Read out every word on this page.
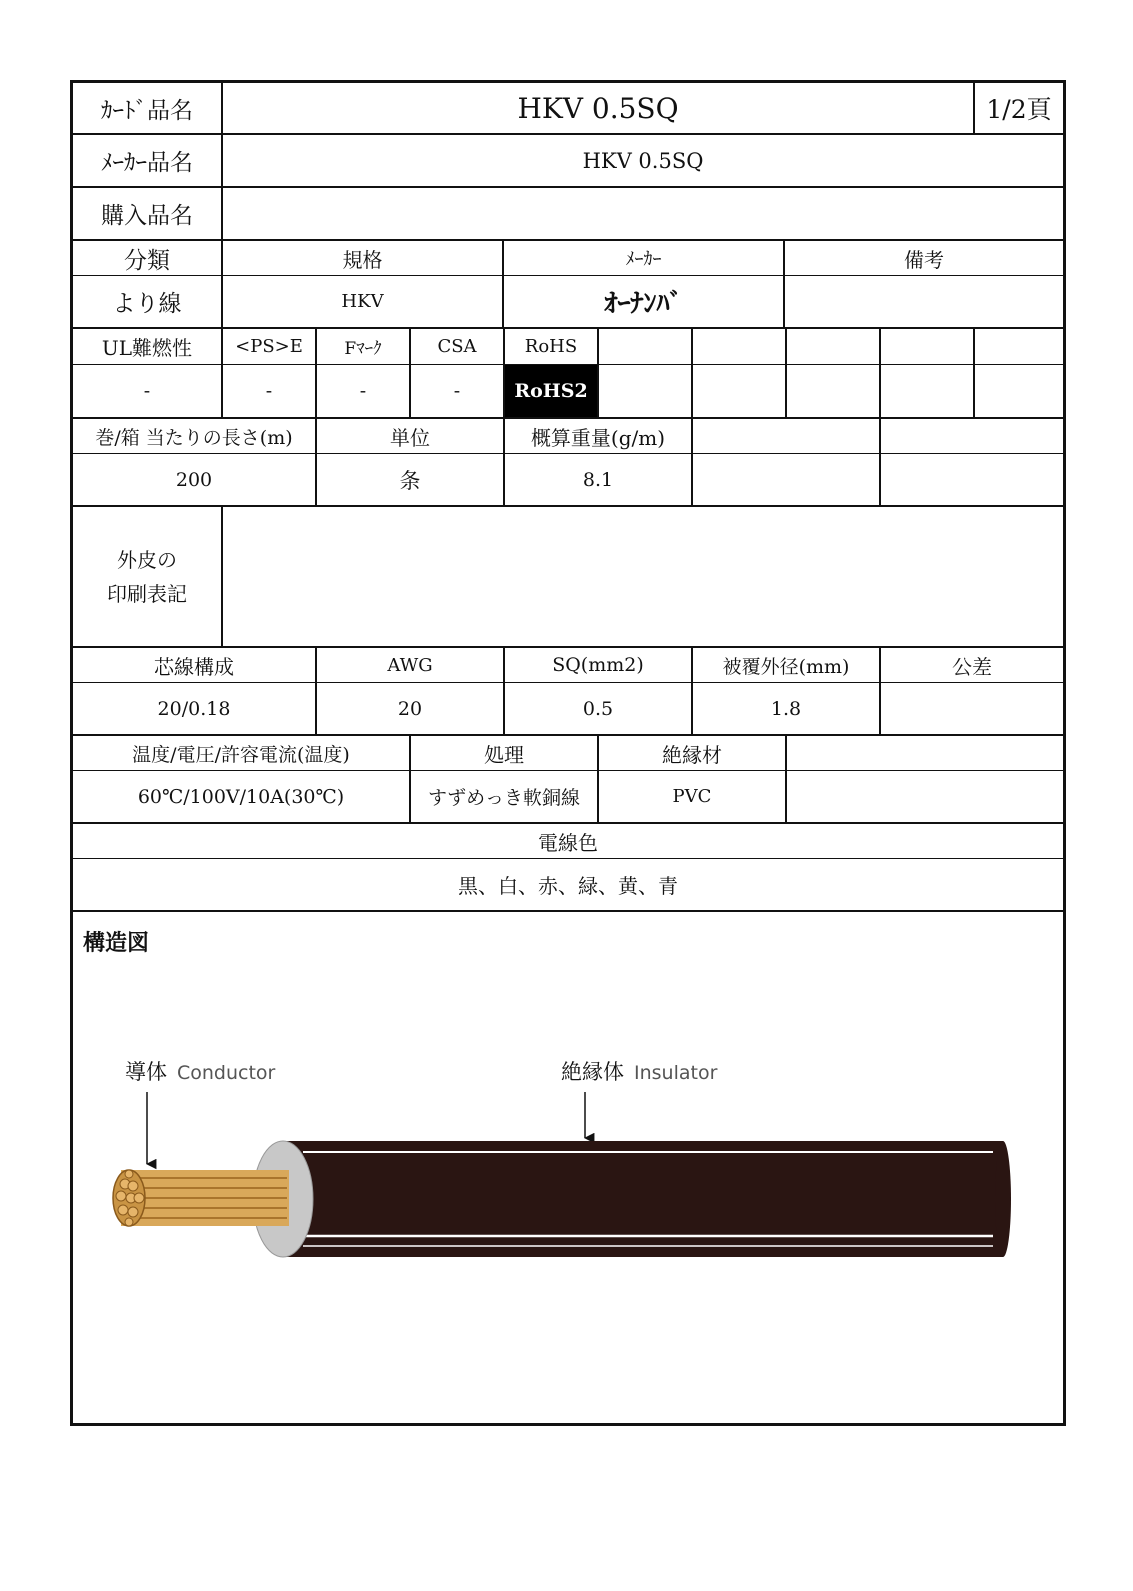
ｶｰﾄﾞ品名	HKV 0.5SQ	1/2頁
ﾒｰｶｰ品名	HKV 0.5SQ
購入品名
分類	規格	ﾒｰｶｰ	備考
より線	HKV	ｵｰﾅﾝﾊﾞ
UL難燃性	<PS>E	Fﾏｰｸ	CSA	RoHS
-	-	-	-	RoHS2
巻/箱 当たりの長さ(m)	単位	概算重量(g/m)
200	条	8.1
外皮の
印刷表記
芯線構成	AWG	SQ(mm2)	被覆外径(mm)	公差
20/0.18	20	0.5	1.8
温度/電圧/許容電流(温度)	処理	絶縁材
60℃/100V/10A(30℃)	すずめっき軟銅線	PVC
電線色
黒、白、赤、緑、黄、青
構造図
導体 Conductor	絶縁体 Insulator
